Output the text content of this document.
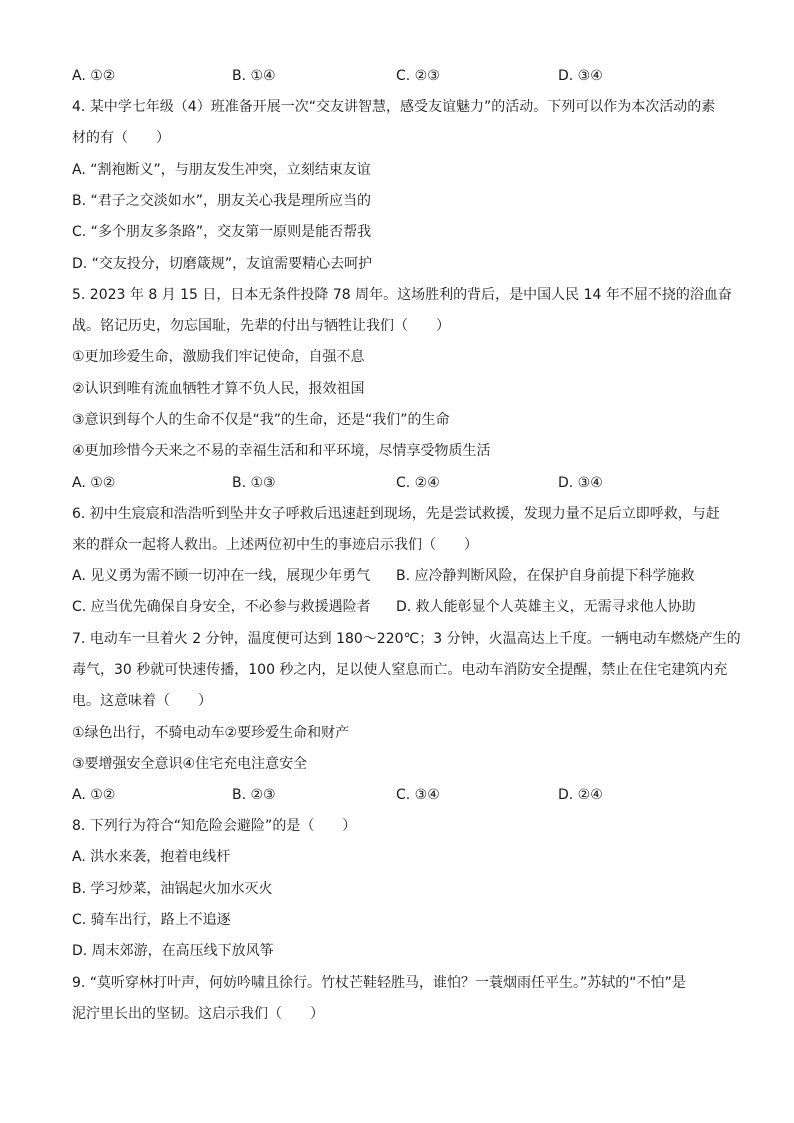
A. ①②	B. ①④	C. ②③	D. ③④
4. 某中学七年级（4）班准备开展一次“交友讲智慧，感受友谊魅力”的活动。下列可以作为本次活动的素
材的有（　　）
A. “割袍断义”，与朋友发生冲突，立刻结束友谊
B. “君子之交淡如水”，朋友关心我是理所应当的
C. “多个朋友多条路”，交友第一原则是能否帮我
D. “交友投分，切磨箴规”，友谊需要精心去呵护
5. 2023 年 8 月 15 日，日本无条件投降 78 周年。这场胜利的背后，是中国人民 14 年不屈不挠的浴血奋
战。铭记历史，勿忘国耻，先辈的付出与牺牲让我们（　　）
①更加珍爱生命，激励我们牢记使命，自强不息
②认识到唯有流血牺牲才算不负人民，报效祖国
③意识到每个人的生命不仅是“我”的生命，还是“我们”的生命
④更加珍惜今天来之不易的幸福生活和和平环境，尽情享受物质生活
A. ①②	B. ①③	C. ②④	D. ③④
6. 初中生宸宸和浩浩听到坠井女子呼救后迅速赶到现场，先是尝试救援，发现力量不足后立即呼救，与赶
来的群众一起将人救出。上述两位初中生的事迹启示我们（　　）
A. 见义勇为需不顾一切冲在一线，展现少年勇气 B. 应冷静判断风险，在保护自身前提下科学施救
C. 应当优先确保自身安全，不必参与救援遇险者 D. 救人能彰显个人英雄主义，无需寻求他人协助
7. 电动车一旦着火 2 分钟，温度便可达到 180～220℃；3 分钟，火温高达上千度。一辆电动车燃烧产生的
毒气，30 秒就可快速传播，100 秒之内，足以使人窒息而亡。电动车消防安全提醒，禁止在住宅建筑内充
电。这意味着（　　）
①绿色出行，不骑电动车②要珍爱生命和财产
③要增强安全意识④住宅充电注意安全
A. ①②	B. ②③	C. ③④	D. ②④
8. 下列行为符合“知危险会避险”的是（　　）
A. 洪水来袭，抱着电线杆
B. 学习炒菜，油锅起火加水灭火
C. 骑车出行，路上不追逐
D. 周末郊游，在高压线下放风筝
9. “莫听穿林打叶声，何妨吟啸且徐行。竹杖芒鞋轻胜马，谁怕？一蓑烟雨任平生。”苏轼的“不怕”是
泥泞里长出的坚韧。这启示我们（　　）
